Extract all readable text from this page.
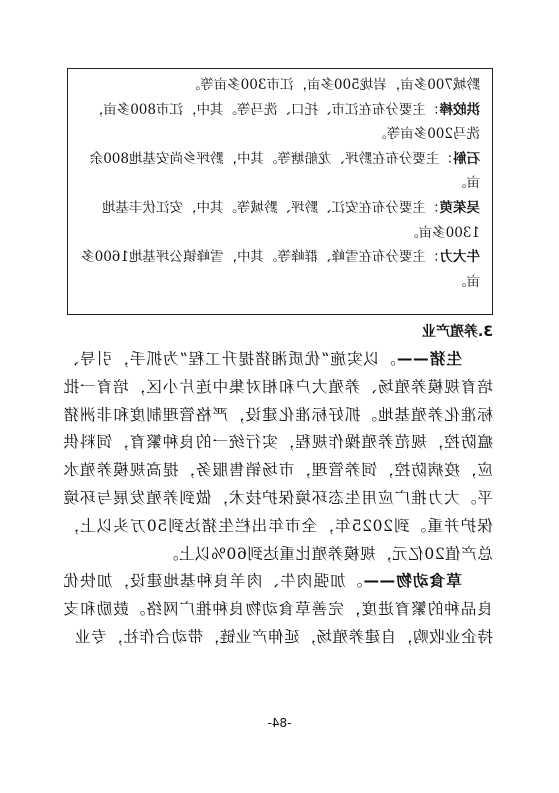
黔城700多亩，岩垅500多亩，江市300多亩等。

洪皎棒：主要分布在江市、托口、洗马等。其中，江市800多亩，洗马200多亩等。

石斛：主要分布在黔坪、龙船塘等。其中，黔坪乡尚安基地800余亩。

吴茱萸：主要分布在安江、黔坪、黔城等。其中，安江伏丰基地1300多亩。

牛大力：主要分布在雪峰、群峰等。其中，雪峰镇公坪基地1600多亩。

3.养殖产业

生猪——。以实施“优质湘猪提升工程”为抓手，引导、培育规模养殖场、养殖大户和相对集中连片小区，培育一批标准化养殖基地。抓好标准化建设，严格管理制度和非洲猪瘟防控，规范养殖操作规程，实行统一的良种繁育，饲料供应，疫病防控，饲养管理，市场销售服务，提高规模养殖水平。大力推广应用生态环境保护技术，做到养殖发展与环境保护并重。到2025年，全市年出栏生猪达到50万头以上，总产值20亿元，规模养殖比重达到60%以上。

草食动物——。加强肉牛、肉羊良种基地建设，加快优良品种的繁育进度，完善草食动物良种推广网络。鼓励和支持企业收购，自建养殖场，延伸产业链，带动合作社，专业

-84-
